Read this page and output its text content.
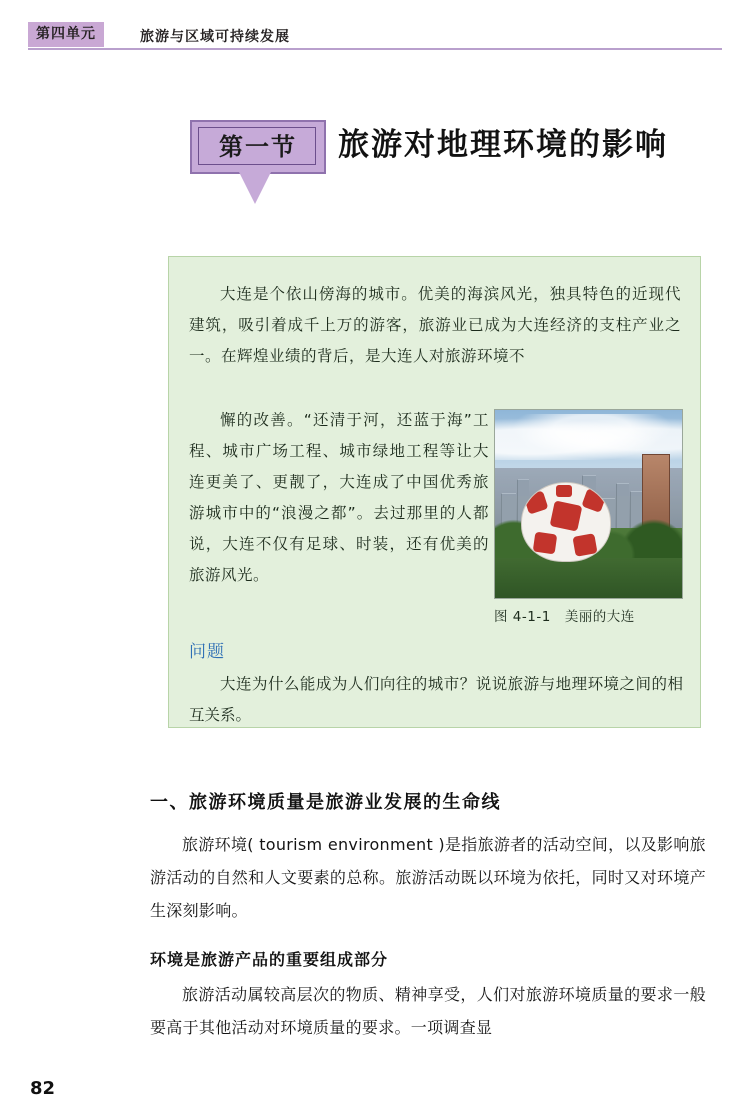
第四单元	旅游与区域可持续发展
第一节	旅游对地理环境的影响
大连是个依山傍海的城市。优美的海滨风光，独具特色的近现代建筑，吸引着成千上万的游客，旅游业已成为大连经济的支柱产业之一。在辉煌业绩的背后，是大连人对旅游环境不
懈的改善。“还清于河，还蓝于海”工程、城市广场工程、城市绿地工程等让大连更美了、更靓了，大连成了中国优秀旅游城市中的“浪漫之都”。去过那里的人都说，大连不仅有足球、时装，还有优美的旅游风光。
图 4-1-1 美丽的大连
问题
大连为什么能成为人们向往的城市？说说旅游与地理环境之间的相互关系。
一、旅游环境质量是旅游业发展的生命线

旅游环境( tourism environment )是指旅游者的活动空间，以及影响旅游活动的自然和人文要素的总称。旅游活动既以环境为依托，同时又对环境产生深刻影响。

环境是旅游产品的重要组成部分

旅游活动属较高层次的物质、精神享受，人们对旅游环境质量的要求一般要高于其他活动对环境质量的要求。一项调查显

82
